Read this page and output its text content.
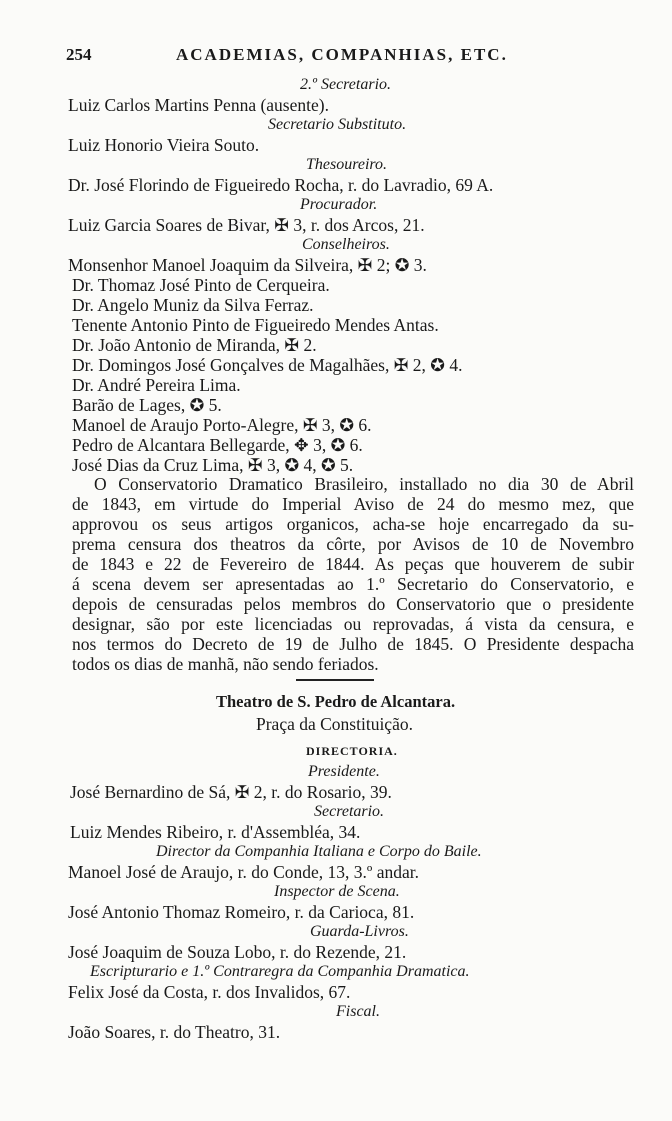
254	ACADEMIAS, COMPANHIAS, ETC.
2.º Secretario.
Luiz Carlos Martins Penna (ausente).
Secretario Substituto.
Luiz Honorio Vieira Souto.
Thesoureiro.
Dr. José Florindo de Figueiredo Rocha, r. do Lavradio, 69 A.
Procurador.
Luiz Garcia Soares de Bivar, ✠ 3, r. dos Arcos, 21.
Conselheiros.
Monsenhor Manoel Joaquim da Silveira, ✠ 2; ✪ 3.
Dr. Thomaz José Pinto de Cerqueira.
Dr. Angelo Muniz da Silva Ferraz.
Tenente Antonio Pinto de Figueiredo Mendes Antas.
Dr. João Antonio de Miranda, ✠ 2.
Dr. Domingos José Gonçalves de Magalhães, ✠ 2, ✪ 4.
Dr. André Pereira Lima.
Barão de Lages, ✪ 5.
Manoel de Araujo Porto-Alegre, ✠ 3, ✪ 6.
Pedro de Alcantara Bellegarde, ✥ 3, ✪ 6.
José Dias da Cruz Lima, ✠ 3, ✪ 4, ✪ 5.
O Conservatorio Dramatico Brasileiro, installado no dia 30 de Abril
de 1843, em virtude do Imperial Aviso de 24 do mesmo mez, que
approvou os seus artigos organicos, acha-se hoje encarregado da su-
prema censura dos theatros da côrte, por Avisos de 10 de Novembro
de 1843 e 22 de Fevereiro de 1844. As peças que houverem de subir
á scena devem ser apresentadas ao 1.º Secretario do Conservatorio, e
depois de censuradas pelos membros do Conservatorio que o presidente
designar, são por este licenciadas ou reprovadas, á vista da censura, e
nos termos do Decreto de 19 de Julho de 1845. O Presidente despacha
todos os dias de manhã, não sendo feriados.
Theatro de S. Pedro de Alcantara.
Praça da Constituição.
DIRECTORIA.
Presidente.
José Bernardino de Sá, ✠ 2, r. do Rosario, 39.
Secretario.
Luiz Mendes Ribeiro, r. d'Assembléa, 34.
Director da Companhia Italiana e Corpo do Baile.
Manoel José de Araujo, r. do Conde, 13, 3.º andar.
Inspector de Scena.
José Antonio Thomaz Romeiro, r. da Carioca, 81.
Guarda-Livros.
José Joaquim de Souza Lobo, r. do Rezende, 21.
Escripturario e 1.º Contraregra da Companhia Dramatica.
Felix José da Costa, r. dos Invalidos, 67.
Fiscal.
João Soares, r. do Theatro, 31.
